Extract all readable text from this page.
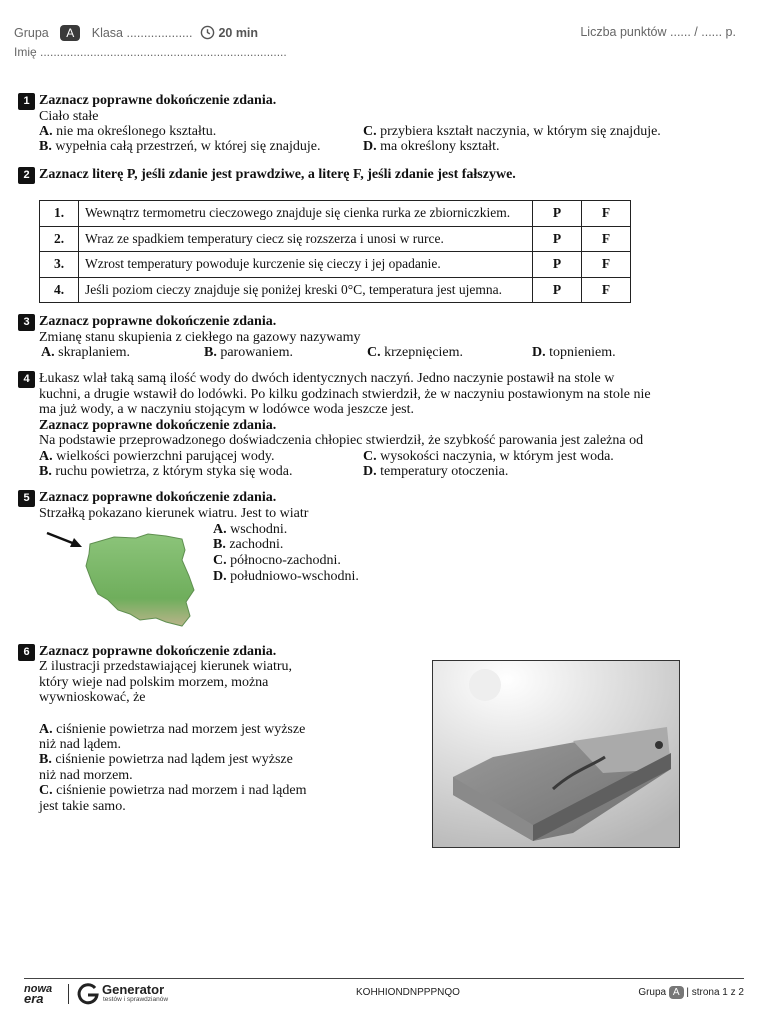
Grupa A Klasa ................... 20 min	Liczba punktów ...... / ...... p.
Imię ..........................................................................
1 Zaznacz poprawne dokończenie zdania.
Ciało stałe
A. nie ma określonego kształtu.
B. wypełnia całą przestrzeń, w której się znajduje.
C. przybiera kształt naczynia, w którym się znajduje.
D. ma określony kształt.
2 Zaznacz literę P, jeśli zdanie jest prawdziwe, a literę F, jeśli zdanie jest fałszywe.
1.	Wewnątrz termometru cieczowego znajduje się cienka rurka ze zbiorniczkiem.	P	F
2.	Wraz ze spadkiem temperatury ciecz się rozszerza i unosi w rurce.	P	F
3.	Wzrost temperatury powoduje kurczenie się cieczy i jej opadanie.	P	F
4.	Jeśli poziom cieczy znajduje się poniżej kreski 0°C, temperatura jest ujemna.	P	F
3 Zaznacz poprawne dokończenie zdania.
Zmianę stanu skupienia z ciekłego na gazowy nazywamy
A. skraplaniem.	B. parowaniem.	C. krzepnięciem.	D. topnieniem.
4 Łukasz wlał taką samą ilość wody do dwóch identycznych naczyń. Jedno naczynie postawił na stole w
kuchni, a drugie wstawił do lodówki. Po kilku godzinach stwierdził, że w naczyniu postawionym na stole nie
ma już wody, a w naczyniu stojącym w lodówce woda jeszcze jest.
Zaznacz poprawne dokończenie zdania.
Na podstawie przeprowadzonego doświadczenia chłopiec stwierdził, że szybkość parowania jest zależna od
A. wielkości powierzchni parującej wody.
B. ruchu powietrza, z którym styka się woda.
C. wysokości naczynia, w którym jest woda.
D. temperatury otoczenia.
5 Zaznacz poprawne dokończenie zdania.
Strzałką pokazano kierunek wiatru. Jest to wiatr
A. wschodni.
B. zachodni.
C. północno-zachodni.
D. południowo-wschodni.
6 Zaznacz poprawne dokończenie zdania.
Z ilustracji przedstawiającej kierunek wiatru,
który wieje nad polskim morzem, można
wywnioskować, że
A. ciśnienie powietrza nad morzem jest wyższe
niż nad lądem.
B. ciśnienie powietrza nad lądem jest wyższe
niż nad morzem.
C. ciśnienie powietrza nad morzem i nad lądem
jest takie samo.
nowa
era
Generator
testów i sprawdzianów
KOHHIONDNPPPNQO	Grupa A | strona 1 z 2
